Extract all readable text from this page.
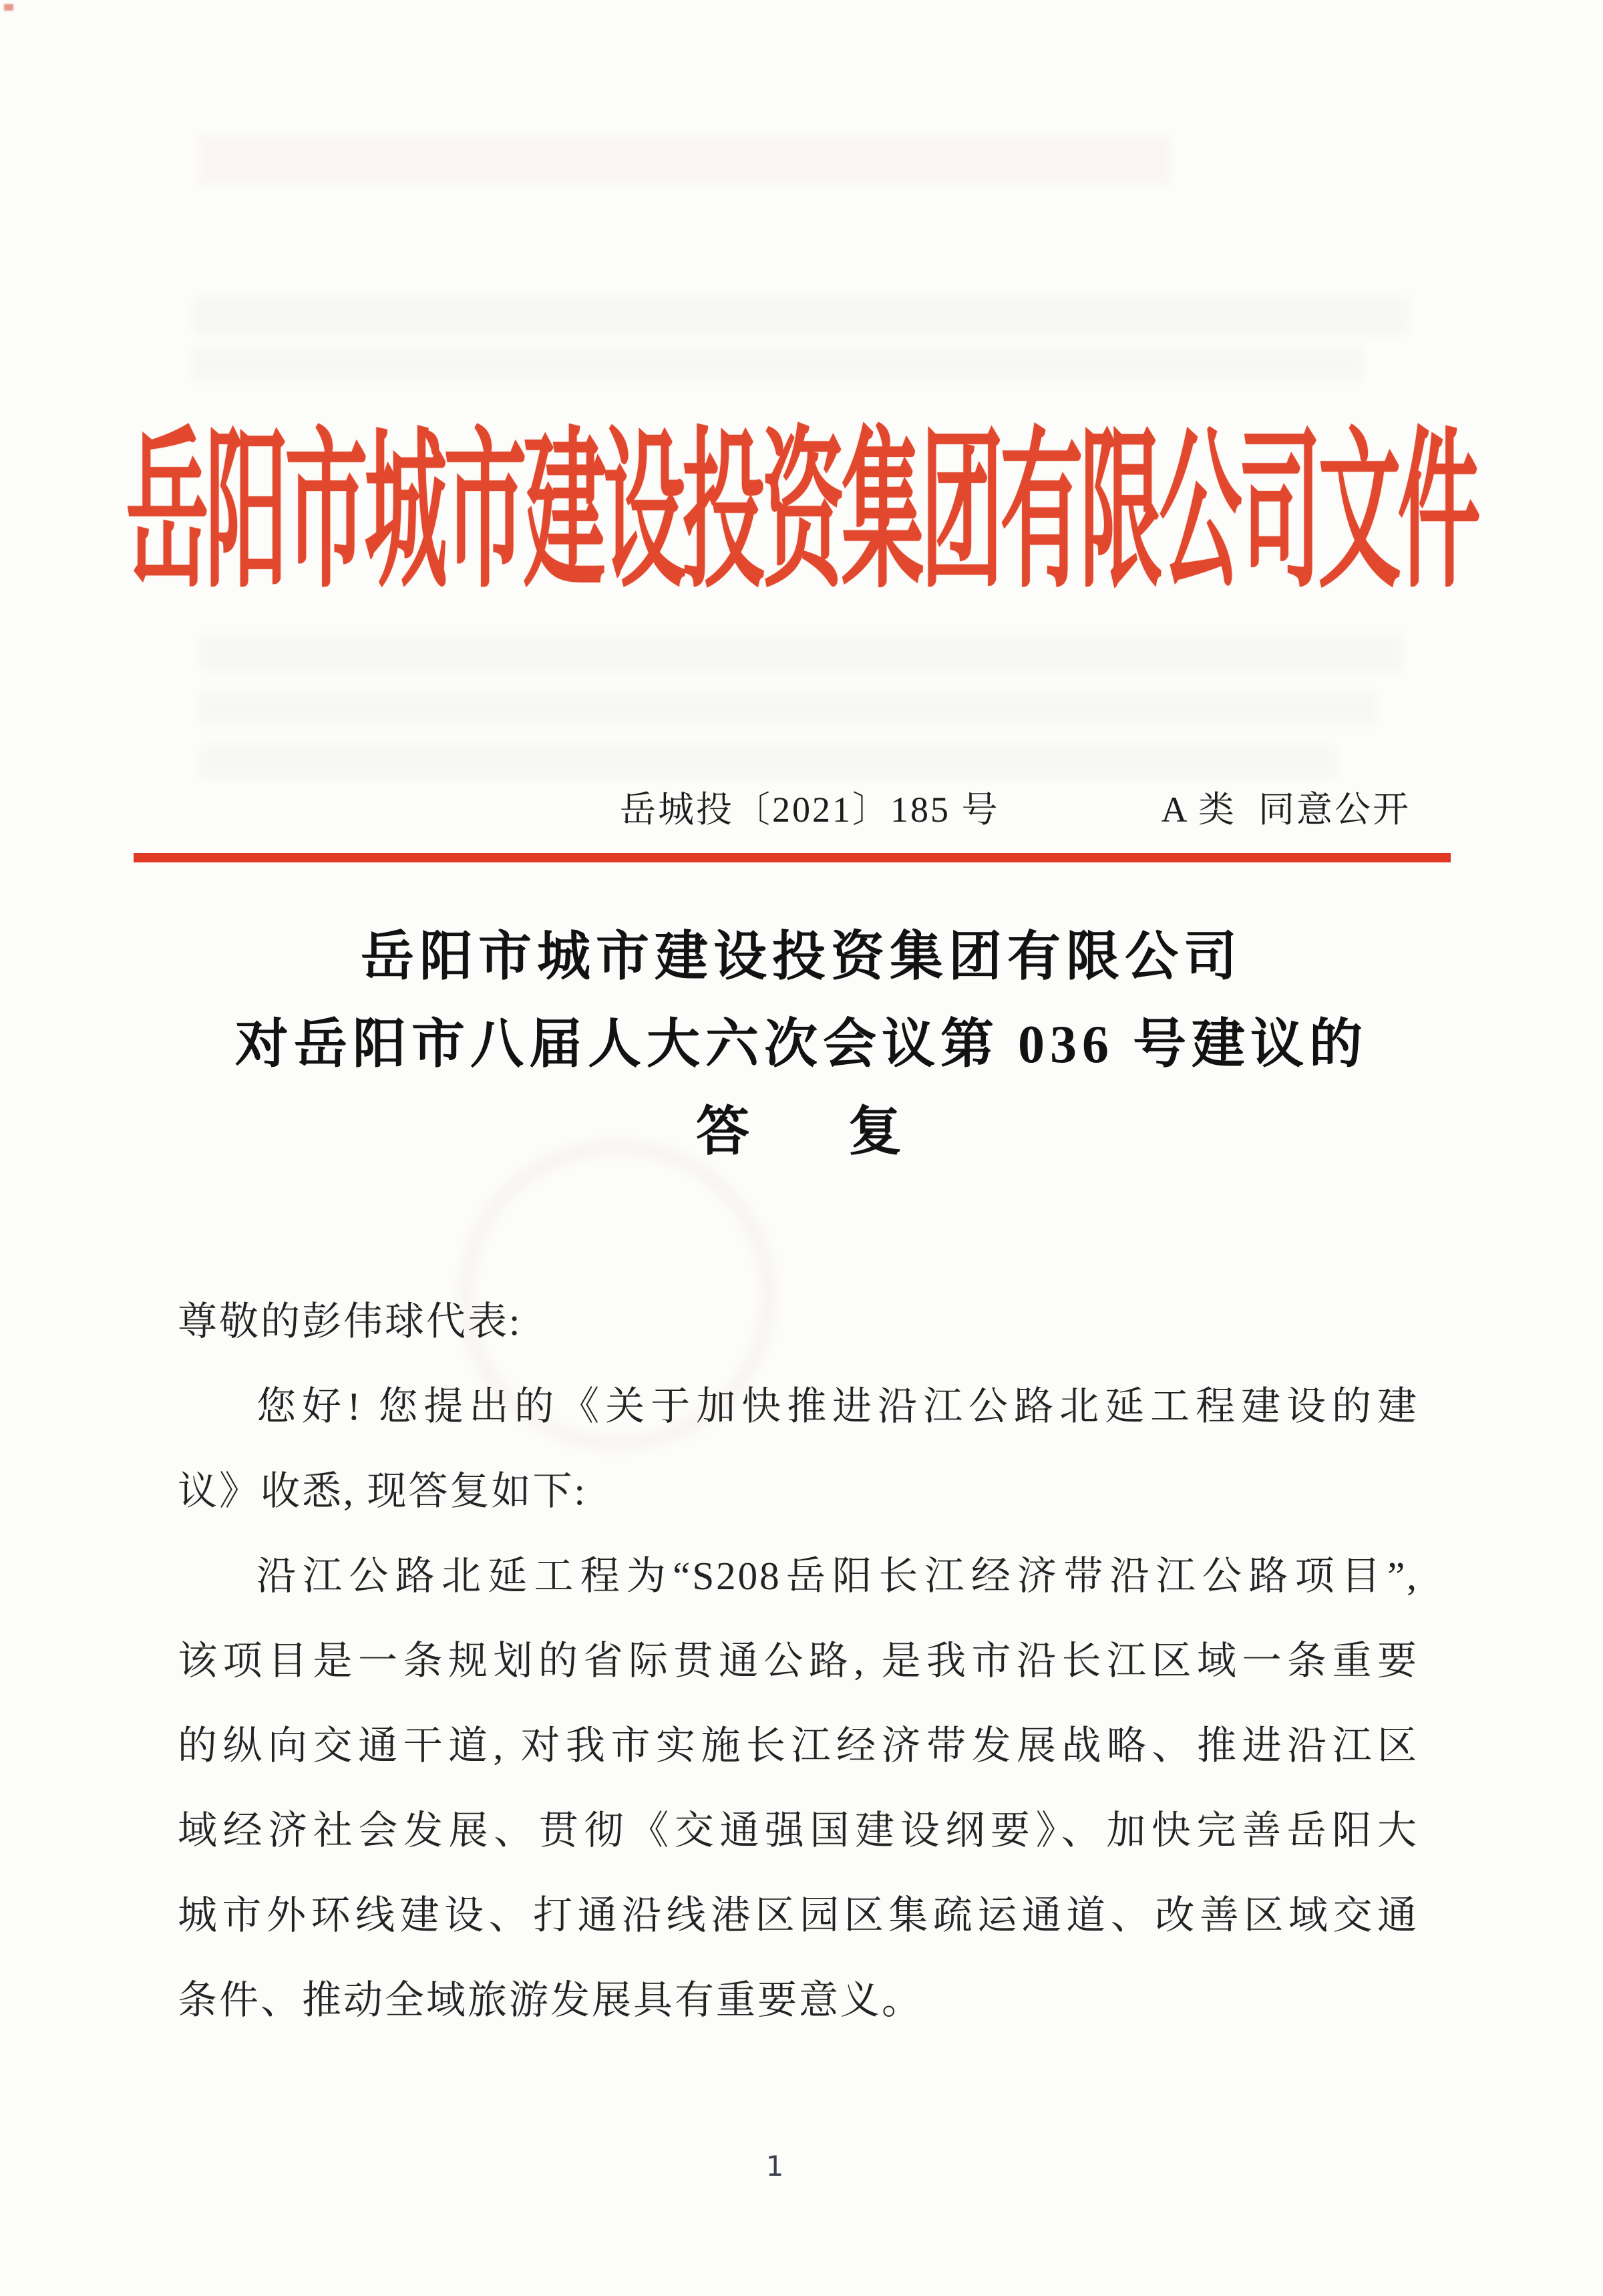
岳阳市城市建设投资集团有限公司文件
岳城投〔2021〕185 号	A 类  同意公开
岳阳市城市建设投资集团有限公司
对岳阳市八届人大六次会议第 036 号建议的
答 复
尊敬的彭伟球代表:
您好! 您提出的《关于加快推进沿江公路北延工程建设的建
议》收悉, 现答复如下:
沿江公路北延工程为“S208岳阳长江经济带沿江公路项目”,
该项目是一条规划的省际贯通公路, 是我市沿长江区域一条重要
的纵向交通干道, 对我市实施长江经济带发展战略、推进沿江区
域经济社会发展、贯彻《交通强国建设纲要》、加快完善岳阳大
城市外环线建设、打通沿线港区园区集疏运通道、改善区域交通
条件、推动全域旅游发展具有重要意义。
1
